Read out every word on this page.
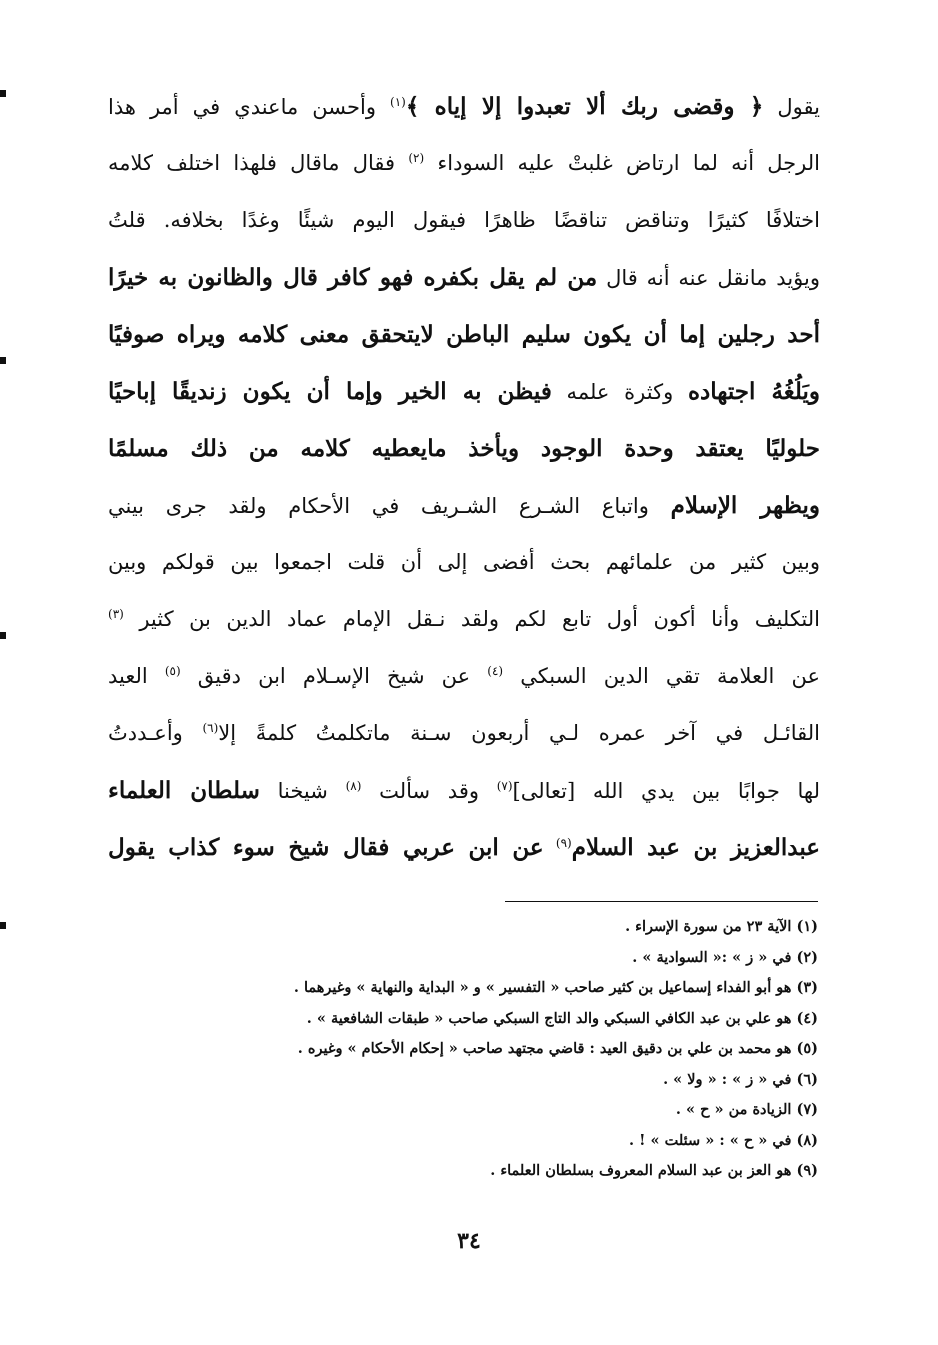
يقول ﴿ وقضى ربك ألا تعبدوا إلا إياه ﴾$^{(١)}$ وأحسن ماعندي في أمر هذا
الرجل أنه لما ارتاض غلبتْ عليه السوداء $^{(٢)}$ فقال ماقال فلهذا اختلف كلامه
اختلافًا كثيرًا وتناقض تناقضًا ظاهرًا فيقول اليوم شيئًا وغدًا بخلافه. قلتُ
ويؤيد مانقل عنه أنه قال من لم يقل بكفره فهو كافر قال والظانون به خيرًا
أحد رجلين إما أن يكون سليم الباطن لايتحقق معنى كلامه ويراه صوفيًا
ويَلُغُهُ اجتهاده وكثرة علمه فيظن به الخير وإما أن يكون زنديقًا إباحيًا
حلوليًا يعتقد وحدة الوجود ويأخذ مايعطيه كلامه من ذلك مسلمًا
ويظهر الإسلام واتباع الشـرع الشـريف في الأحكام ولقد جرى بيني
وبين كثير من علمائهم بحث أفضى إلى أن قلت اجمعوا بين قولكم وبين
التكليف وأنا أكون أول تابع لكم ولقد نـقل الإمام عماد الدين بن كثير $^{(٣)}$
عن العلامة تقي الدين السبكي $^{(٤)}$ عن شيخ الإسـلام ابن دقيق $^{(٥)}$ العيد
القائـل في آخر عمره لـي أربعون سـنة ماتكلمتُ كلمةً إلا$^{(٦)}$ وأعـددتُ
لها جوابًا بين يدي الله [تعالى]$^{(٧)}$ وقد سألت $^{(٨)}$ شيخنا سلطان العلماء
عبدالعزيز بن عبد السلام$^{(٩)}$ عن ابن عربي فقال شيخ سوء كذاب يقول
(١) الآية ٢٣ من سورة الإسراء .
(٢) في « ز » :« السوادية » .
(٣) هو أبو الفداء إسماعيل بن كثير صاحب « التفسير » و « البداية والنهاية » وغيرهما .
(٤) هو علي بن عبد الكافي السبكي والد التاج السبكي صاحب « طبقات الشافعية » .
(٥) هو محمد بن علي بن دقيق العيد : قاضي مجتهد صاحب « إحكام الأحكام » وغيره .
(٦) في « ز » : « ولا » .
(٧) الزيادة من « ح » .
(٨) في « ح » : « سئلت » ! .
(٩) هو العز بن عبد السلام المعروف بسلطان العلماء .
٣٤
